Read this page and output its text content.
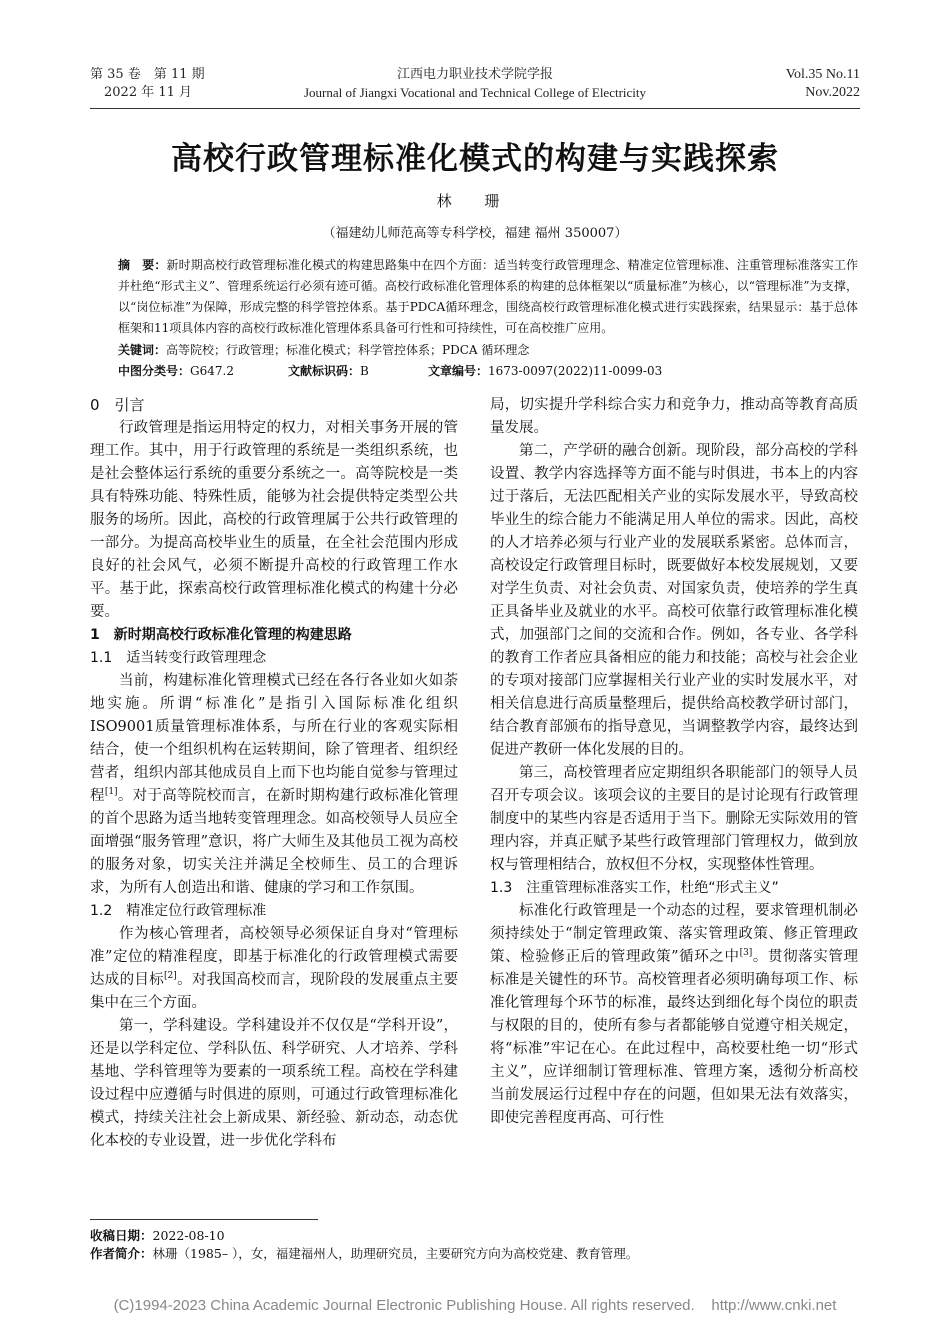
第 35 卷　第 11 期
2022 年 11 月
江西电力职业技术学院学报
Journal of Jiangxi Vocational and Technical College of Electricity
Vol.35 No.11
Nov.2022
高校行政管理标准化模式的构建与实践探索
林 珊
（福建幼儿师范高等专科学校，福建 福州 350007）
摘　要：新时期高校行政管理标准化模式的构建思路集中在四个方面：适当转变行政管理理念、精准定位管理标准、注重管理标准落实工作并杜绝“形式主义”、管理系统运行必须有迹可循。高校行政标准化管理体系的构建的总体框架以“质量标准”为核心，以“管理标准”为支撑，以“岗位标准”为保障，形成完整的科学管控体系。基于PDCA循环理念，围绕高校行政管理标准化模式进行实践探索，结果显示：基于总体框架和11项具体内容的高校行政标准化管理体系具备可行性和可持续性，可在高校推广应用。
关键词：高等院校；行政管理；标准化模式；科学管控体系；PDCA 循环理念
中图分类号：G647.2	文献标识码：B	文章编号：1673-0097(2022)11-0099-03
0　引言

行政管理是指运用特定的权力，对相关事务开展的管理工作。其中，用于行政管理的系统是一类组织系统，也是社会整体运行系统的重要分系统之一。高等院校是一类具有特殊功能、特殊性质，能够为社会提供特定类型公共服务的场所。因此，高校的行政管理属于公共行政管理的一部分。为提高高校毕业生的质量，在全社会范围内形成良好的社会风气，必须不断提升高校的行政管理工作水平。基于此，探索高校行政管理标准化模式的构建十分必要。

1　新时期高校行政标准化管理的构建思路
1.1　适当转变行政管理理念

当前，构建标准化管理模式已经在各行各业如火如荼地实施。所谓“标准化”是指引入国际标准化组织ISO9001质量管理标准体系，与所在行业的客观实际相结合，使一个组织机构在运转期间，除了管理者、组织经营者，组织内部其他成员自上而下也均能自觉参与管理过程[1]。对于高等院校而言，在新时期构建行政标准化管理的首个思路为适当地转变管理理念。如高校领导人员应全面增强“服务管理”意识，将广大师生及其他员工视为高校的服务对象，切实关注并满足全校师生、员工的合理诉求，为所有人创造出和谐、健康的学习和工作氛围。

1.2　精准定位行政管理标准

作为核心管理者，高校领导必须保证自身对“管理标准”定位的精准程度，即基于标准化的行政管理模式需要达成的目标[2]。对我国高校而言，现阶段的发展重点主要集中在三个方面。

第一，学科建设。学科建设并不仅仅是“学科开设”，还是以学科定位、学科队伍、科学研究、人才培养、学科基地、学科管理等为要素的一项系统工程。高校在学科建设过程中应遵循与时俱进的原则，可通过行政管理标准化模式，持续关注社会上新成果、新经验、新动态，动态优化本校的专业设置，进一步优化学科布

局，切实提升学科综合实力和竞争力，推动高等教育高质量发展。

第二，产学研的融合创新。现阶段，部分高校的学科设置、教学内容选择等方面不能与时俱进，书本上的内容过于落后，无法匹配相关产业的实际发展水平，导致高校毕业生的综合能力不能满足用人单位的需求。因此，高校的人才培养必须与行业产业的发展联系紧密。总体而言，高校设定行政管理目标时，既要做好本校发展规划，又要对学生负责、对社会负责、对国家负责，使培养的学生真正具备毕业及就业的水平。高校可依靠行政管理标准化模式，加强部门之间的交流和合作。例如，各专业、各学科的教育工作者应具备相应的能力和技能；高校与社会企业的专项对接部门应掌握相关行业产业的实时发展水平，对相关信息进行高质量整理后，提供给高校教学研讨部门，结合教育部颁布的指导意见，当调整教学内容，最终达到促进产教研一体化发展的目的。

第三，高校管理者应定期组织各职能部门的领导人员召开专项会议。该项会议的主要目的是讨论现有行政管理制度中的某些内容是否适用于当下。删除无实际效用的管理内容，并真正赋予某些行政管理部门管理权力，做到放权与管理相结合，放权但不分权，实现整体性管理。

1.3　注重管理标准落实工作，杜绝“形式主义”

标准化行政管理是一个动态的过程，要求管理机制必须持续处于“制定管理政策、落实管理政策、修正管理政策、检验修正后的管理政策”循环之中[3]。贯彻落实管理标准是关键性的环节。高校管理者必须明确每项工作、标准化管理每个环节的标准，最终达到细化每个岗位的职责与权限的目的，使所有参与者都能够自觉遵守相关规定，将“标准”牢记在心。在此过程中，高校要杜绝一切“形式主义”，应详细制订管理标准、管理方案，透彻分析高校当前发展运行过程中存在的问题，但如果无法有效落实，即使完善程度再高、可行性

收稿日期：2022-08-10
作者简介：林珊（1985– ），女，福建福州人，助理研究员，主要研究方向为高校党建、教育管理。
(C)1994-2023 China Academic Journal Electronic Publishing House. All rights reserved.    http://www.cnki.net
